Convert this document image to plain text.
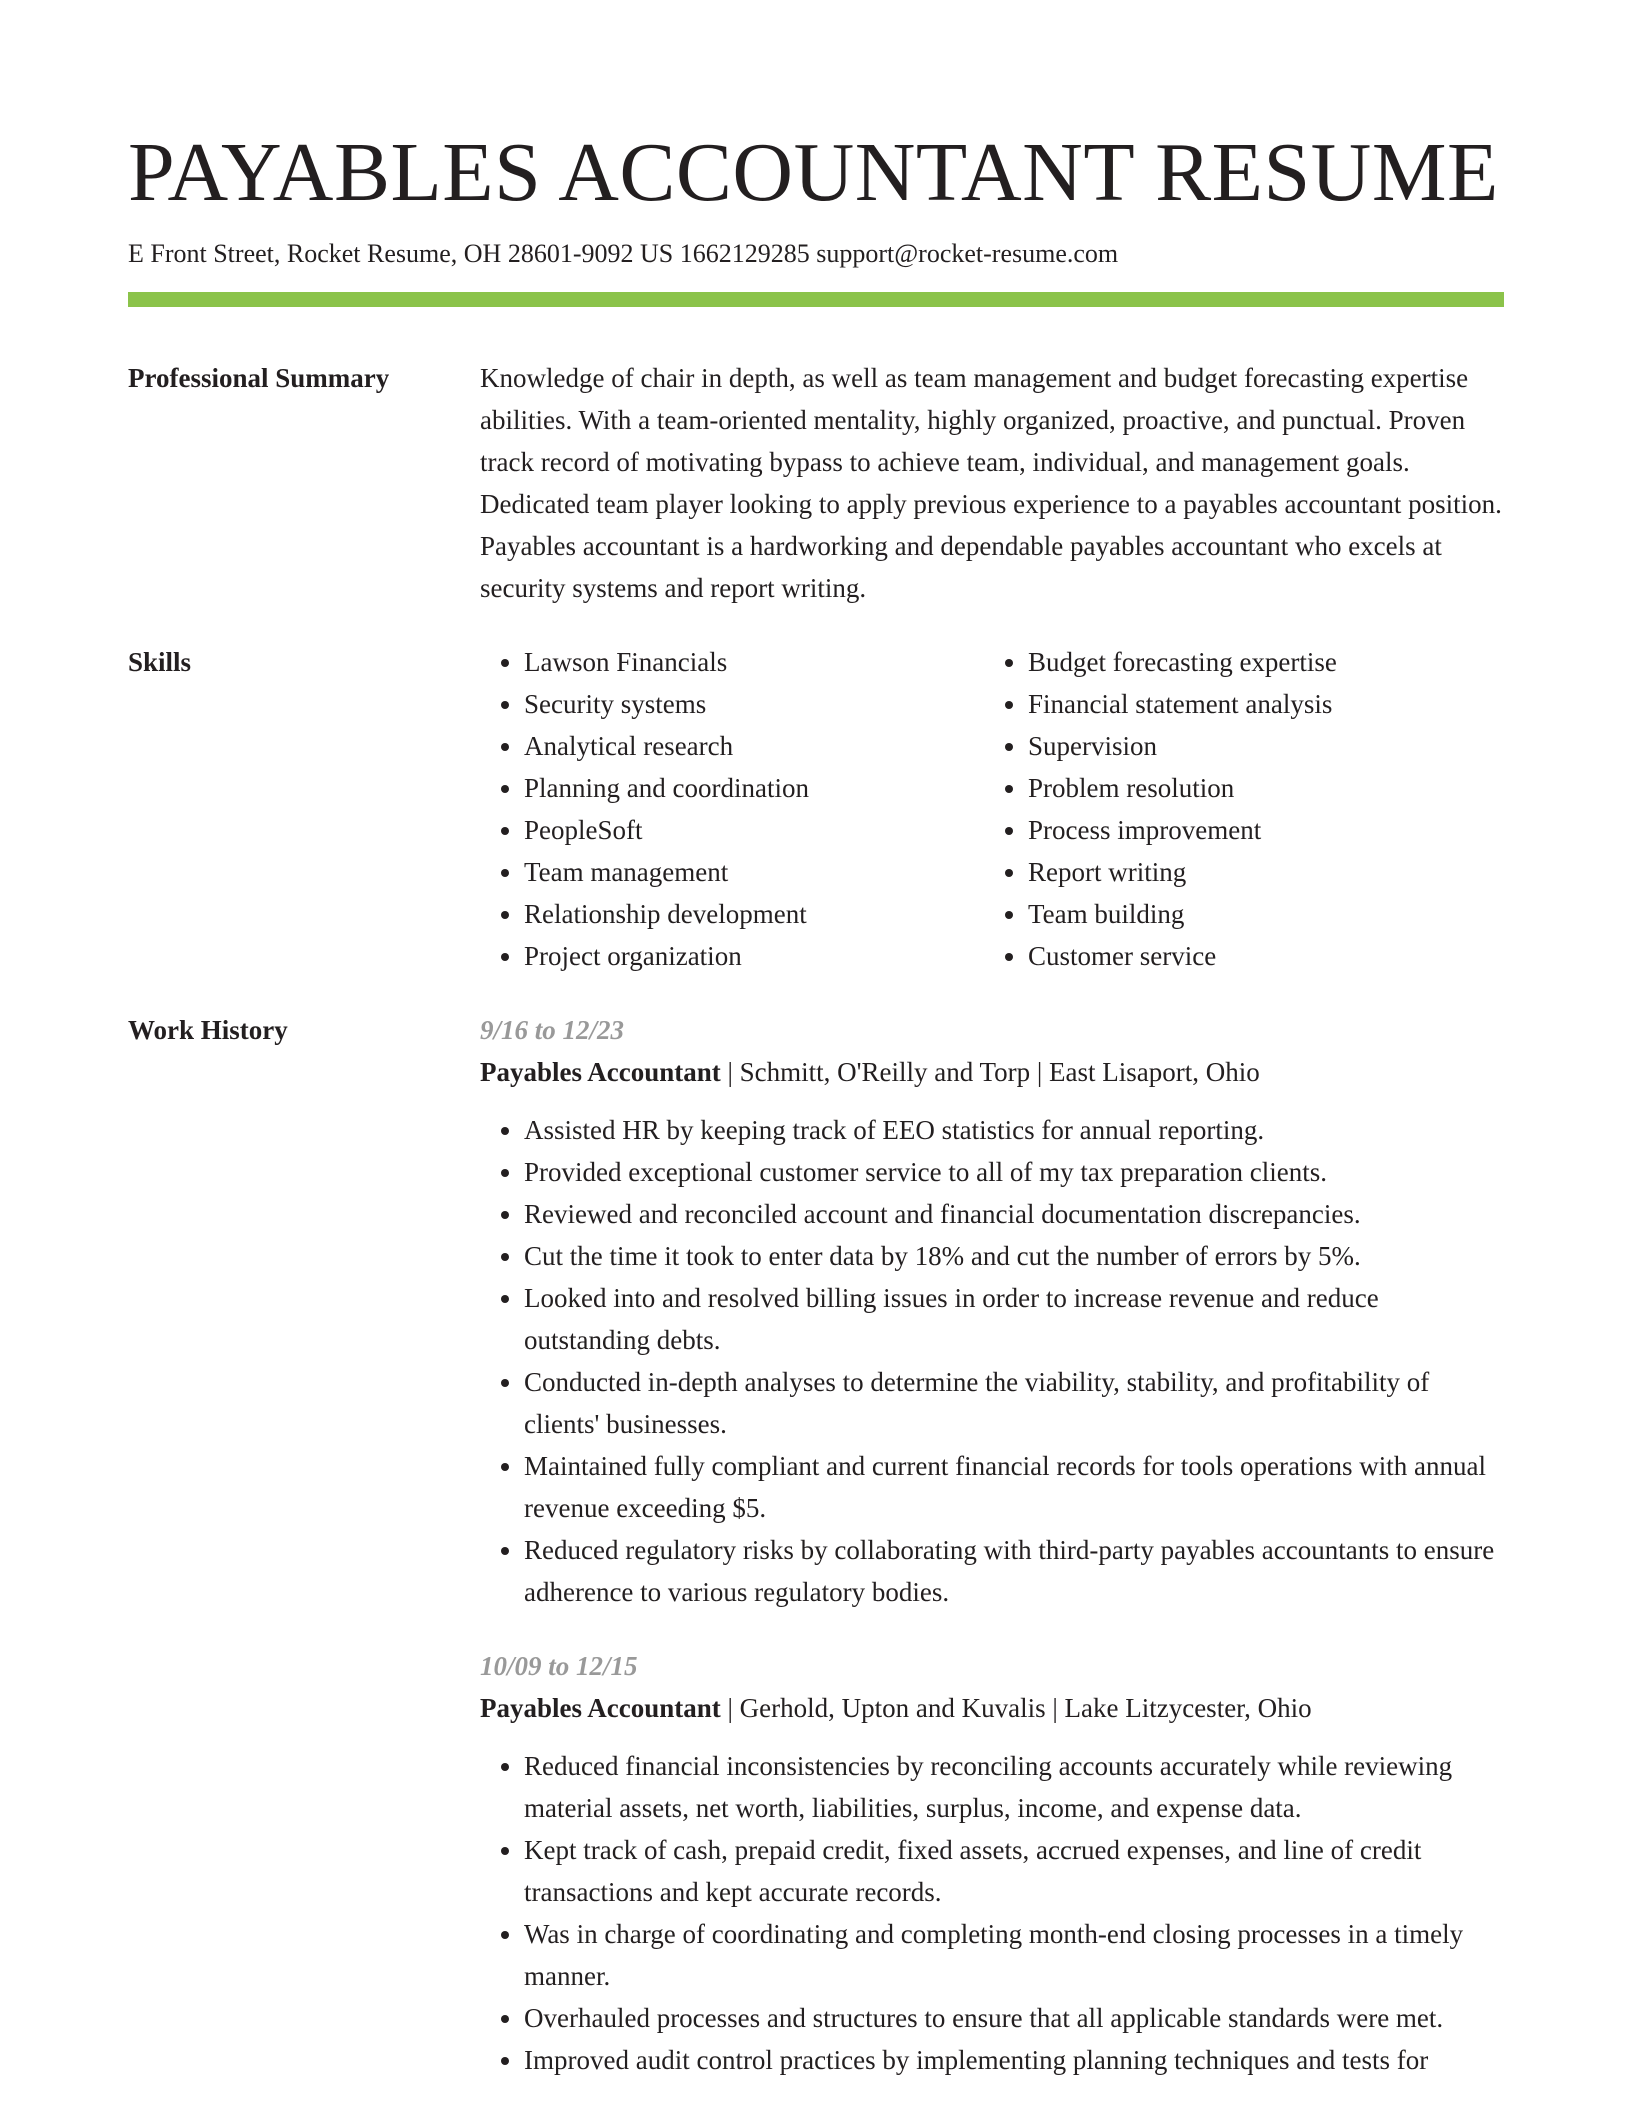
PAYABLES ACCOUNTANT RESUME
E Front Street, Rocket Resume, OH 28601-9092 US 1662129285 support@rocket-resume.com
Professional Summary	Knowledge of chair in depth, as well as team management and budget forecasting expertise abilities. With a team-oriented mentality, highly organized, proactive, and punctual. Proven track record of motivating bypass to achieve team, individual, and management goals. Dedicated team player looking to apply previous experience to a payables accountant position. Payables accountant is a hardworking and dependable payables accountant who excels at security systems and report writing.
Skills
•	Lawson Financials
• Security systems
• Analytical research
• Planning and coordination
• PeopleSoft
• Team management
• Relationship development
• Project organization
• Budget forecasting expertise
• Financial statement analysis
• Supervision
• Problem resolution
• Process improvement
• Report writing
• Team building
• Customer service
Work History	9/16 to 12/23
Payables Accountant | Schmitt, O'Reilly and Torp | East Lisaport, Ohio
• Assisted HR by keeping track of EEO statistics for annual reporting.
• Provided exceptional customer service to all of my tax preparation clients.
• Reviewed and reconciled account and financial documentation discrepancies.
• Cut the time it took to enter data by 18% and cut the number of errors by 5%.
• Looked into and resolved billing issues in order to increase revenue and reduce outstanding debts.
• Conducted in-depth analyses to determine the viability, stability, and profitability of clients' businesses.
• Maintained fully compliant and current financial records for tools operations with annual revenue exceeding $5.
• Reduced regulatory risks by collaborating with third-party payables accountants to ensure adherence to various regulatory bodies.
10/09 to 12/15
Payables Accountant | Gerhold, Upton and Kuvalis | Lake Litzycester, Ohio
• Reduced financial inconsistencies by reconciling accounts accurately while reviewing material assets, net worth, liabilities, surplus, income, and expense data.
• Kept track of cash, prepaid credit, fixed assets, accrued expenses, and line of credit transactions and kept accurate records.
• Was in charge of coordinating and completing month-end closing processes in a timely manner.
• Overhauled processes and structures to ensure that all applicable standards were met.
• Improved audit control practices by implementing planning techniques and tests for
